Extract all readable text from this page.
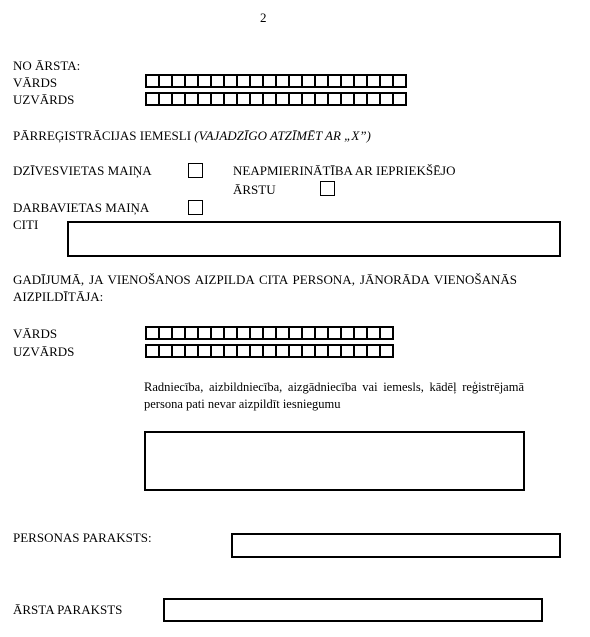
2
NO ĀRSTA:
VĀRDS
UZVĀRDS
PĀRREĢISTRĀCIJAS IEMESLI (VAJADZĪGO ATZĪMĒT AR „X”)
DZĪVESVIETAS MAIŅA	NEAPMIERINĀTĪBA AR IEPRIEKŠĒJO
ĀRSTU
DARBAVIETAS MAIŅA
CITI
GADĪJUMĀ, JA VIENOŠANOS AIZPILDA CITA PERSONA, JĀNORĀDA VIENOŠANĀS AIZPILDĪTĀJA:
VĀRDS
UZVĀRDS
Radniecība, aizbildniecība, aizgādniecība vai iemesls, kādēļ reģistrējamā persona pati nevar aizpildīt iesniegumu
PERSONAS PARAKSTS:
ĀRSTA PARAKSTS
